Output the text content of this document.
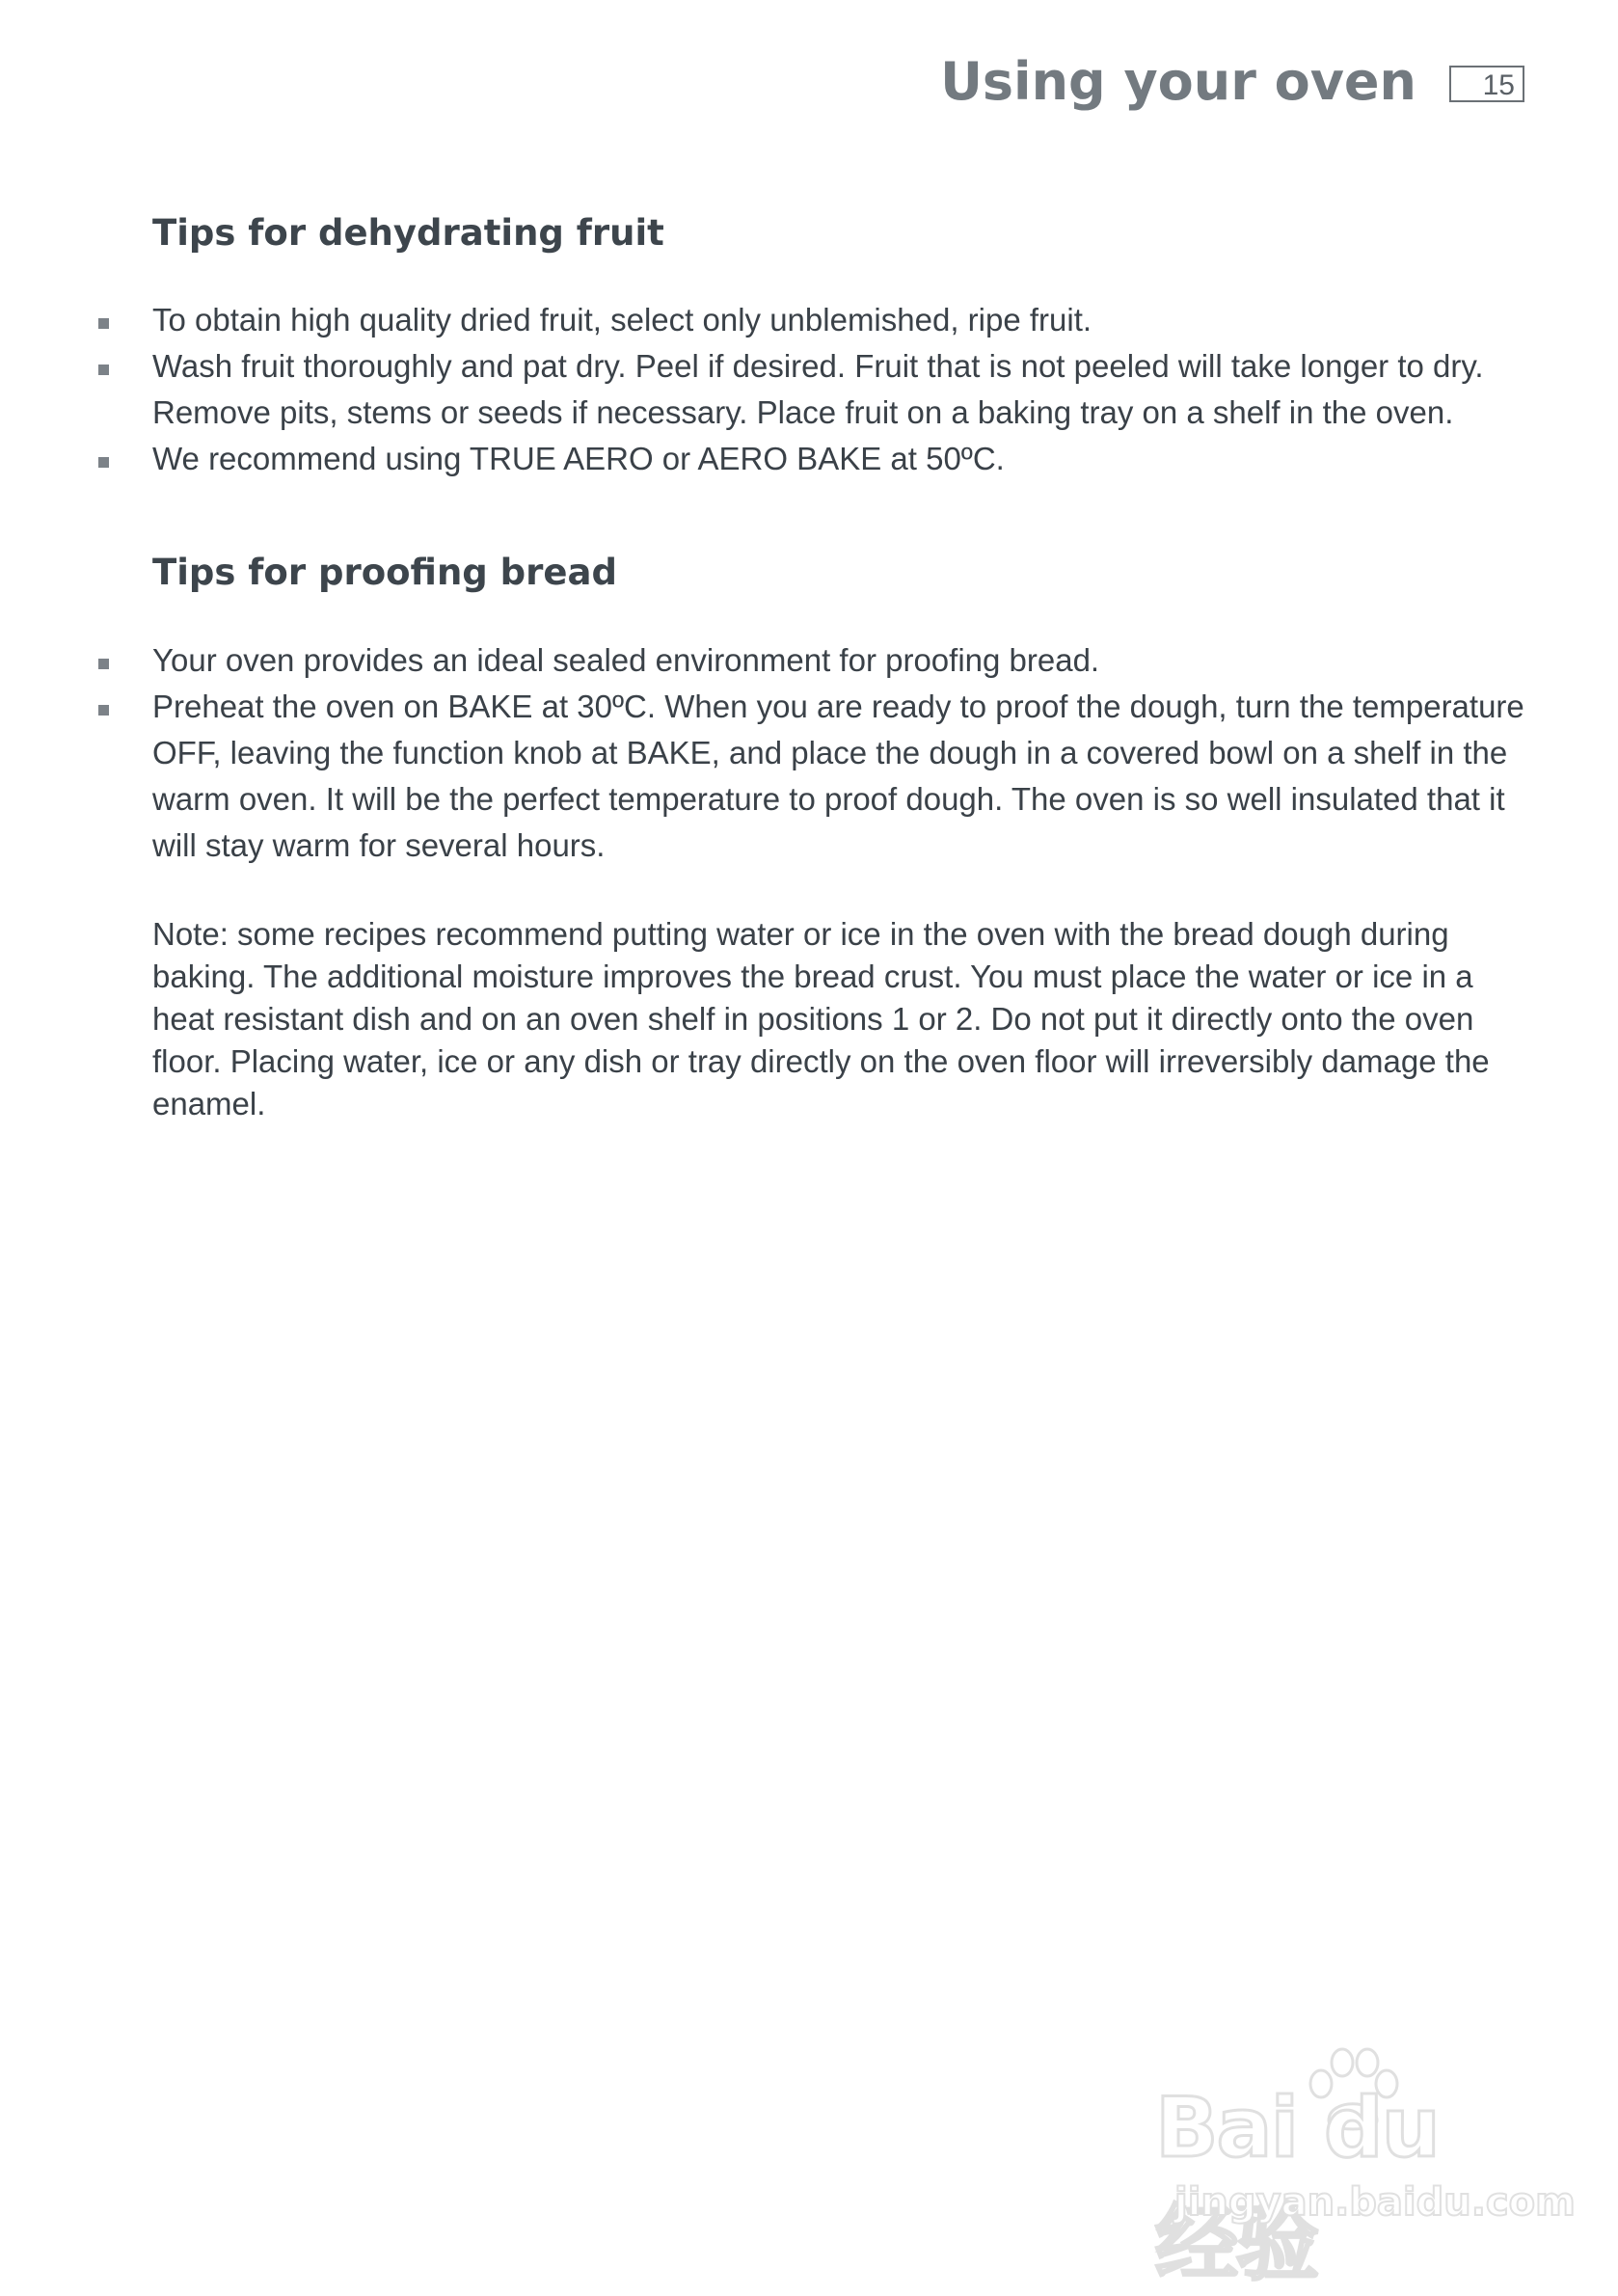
Using your oven	15
Tips for dehydrating fruit
To obtain high quality dried fruit, select only unblemished, ripe fruit.
Wash fruit thoroughly and pat dry. Peel if desired. Fruit that is not peeled will take longer to dry. Remove pits, stems or seeds if necessary. Place fruit on a baking tray on a shelf in the oven.
We recommend using TRUE AERO or AERO BAKE at 50ºC.
Tips for proofing bread
Your oven provides an ideal sealed environment for proofing bread.
Preheat the oven on BAKE at 30ºC. When you are ready to proof the dough, turn the temperature OFF, leaving the function knob at BAKE, and place the dough in a covered bowl on a shelf in the warm oven. It will be the perfect temperature to proof dough. The oven is so well insulated that it will stay warm for several hours.

Note: some recipes recommend putting water or ice in the oven with the bread dough during baking. The additional moisture improves the bread crust. You must place the water or ice in a heat resistant dish and on an oven shelf in positions 1 or 2. Do not put it directly onto the oven floor. Placing water, ice or any dish or tray directly on the oven floor will irreversibly damage the enamel.

Bai du 经验
jingyan.baidu.com
